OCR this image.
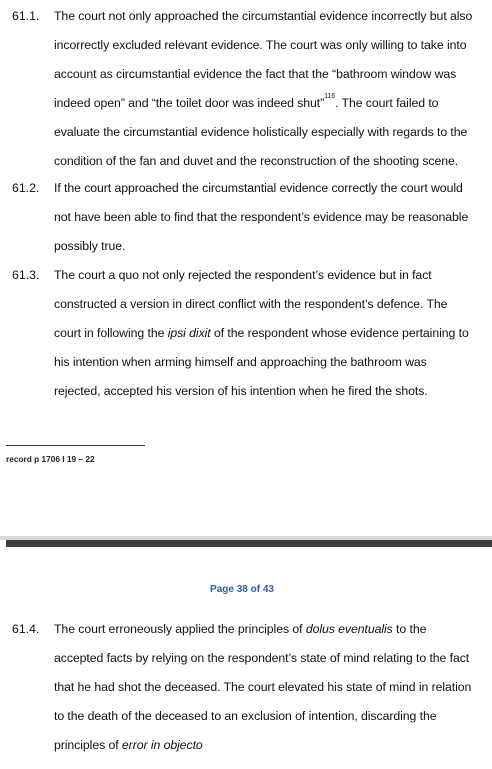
61.1. The court not only approached the circumstantial evidence incorrectly but also
incorrectly excluded relevant evidence. The court was only willing to take into
account as circumstantial evidence the fact that the “bathroom window was
indeed open” and “the toilet door was indeed shut”$^{116}$. The court failed to
evaluate the circumstantial evidence holistically especially with regards to the
condition of the fan and duvet and the reconstruction of the shooting scene.
61.2. If the court approached the circumstantial evidence correctly the court would
not have been able to find that the respondent’s evidence may be reasonable
possibly true.
61.3. The court a quo not only rejected the respondent’s evidence but in fact
constructed a version in direct conflict with the respondent’s defence. The
court in following the ipsi dixit of the respondent whose evidence pertaining to
his intention when arming himself and approaching the bathroom was
rejected, accepted his version of his intention when he fired the shots.
record p 1706 l 19 – 22
Page 38 of 43
61.4. The court erroneously applied the principles of dolus eventualis to the
accepted facts by relying on the respondent’s state of mind relating to the fact
that he had shot the deceased. The court elevated his state of mind in relation
to the death of the deceased to an exclusion of intention, discarding the
principles of error in objecto
